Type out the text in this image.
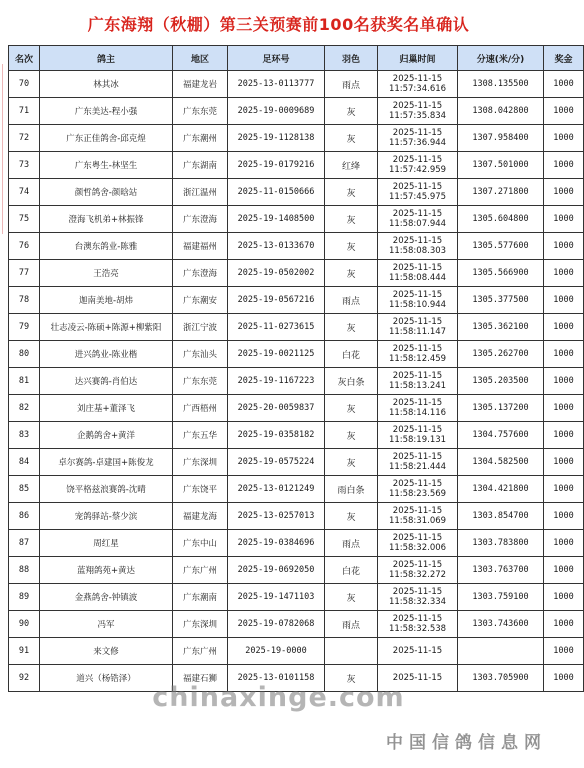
广东海翔（秋棚）第三关预赛前100名获奖名单确认
名次	鸽主	地区	足环号	羽色	归巢时间	分速(米/分)	奖金
70	林其冰	福建龙岩	2025-13-0113777	雨点	2025-11-15
11:57:34.616	1308.135500	1000
71	广东美达-程小强	广东东莞	2025-19-0009689	灰	2025-11-15
11:57:35.834	1308.042800	1000
72	广东正佳鸽舍-邱克煌	广东潮州	2025-19-1128138	灰	2025-11-15
11:57:36.944	1307.958400	1000
73	广东粤生-林坚生	广东湖南	2025-19-0179216	红绛	2025-11-15
11:57:42.959	1307.501000	1000
74	颜哲鸽舍-颜晗站	浙江温州	2025-11-0150666	灰	2025-11-15
11:57:45.975	1307.271800	1000
75	澄海飞机弟+林振锋	广东澄海	2025-19-1408500	灰	2025-11-15
11:58:07.944	1305.604800	1000
76	台澳东鸽业-陈雅	福建福州	2025-13-0133670	灰	2025-11-15
11:58:08.303	1305.577600	1000
77	王浩亮	广东澄海	2025-19-0502002	灰	2025-11-15
11:58:08.444	1305.566900	1000
78	迦南美地-胡炜	广东潮安	2025-19-0567216	雨点	2025-11-15
11:58:10.944	1305.377500	1000
79	壮志凌云-陈硕+陈源+柳紫阳	浙江宁波	2025-11-0273615	灰	2025-11-15
11:58:11.147	1305.362100	1000
80	进兴鸽业-陈业楷	广东汕头	2025-19-0021125	白花	2025-11-15
11:58:12.459	1305.262700	1000
81	达兴赛鸽-肖伯达	广东东莞	2025-19-1167223	灰白条	2025-11-15
11:58:13.241	1305.203500	1000
82	刘庄基+董泽飞	广西梧州	2025-20-0059837	灰	2025-11-15
11:58:14.116	1305.137200	1000
83	企鹅鸽舍+黄洋	广东五华	2025-19-0358182	灰	2025-11-15
11:58:19.131	1304.757600	1000
84	卓尔赛鸽-卓建国+陈俊龙	广东深圳	2025-19-0575224	灰	2025-11-15
11:58:21.444	1304.582500	1000
85	饶平格兹浪赛鸽-沈晴	广东饶平	2025-13-0121249	雨白条	2025-11-15
11:58:23.569	1304.421800	1000
86	宠鸽驿站-蔡少滨	福建龙海	2025-13-0257013	灰	2025-11-15
11:58:31.069	1303.854700	1000
87	周红星	广东中山	2025-19-0384696	雨点	2025-11-15
11:58:32.006	1303.783800	1000
88	蓝翔鸽苑+黄达	广东广州	2025-19-0692050	白花	2025-11-15
11:58:32.272	1303.763700	1000
89	金燕鸽舍-钟镇波	广东潮南	2025-19-1471103	灰	2025-11-15
11:58:32.334	1303.759100	1000
90	冯军	广东深圳	2025-19-0782068	雨点	2025-11-15
11:58:32.538	1303.743600	1000
91	来文修	广东广州	2025-19-0000		2025-11-15		1000
92	道兴（杨锆泽）	福建石狮	2025-13-0101158	灰	2025-11-15	1303.705900	1000
chinaxinge.com
中国信鸽信息网
